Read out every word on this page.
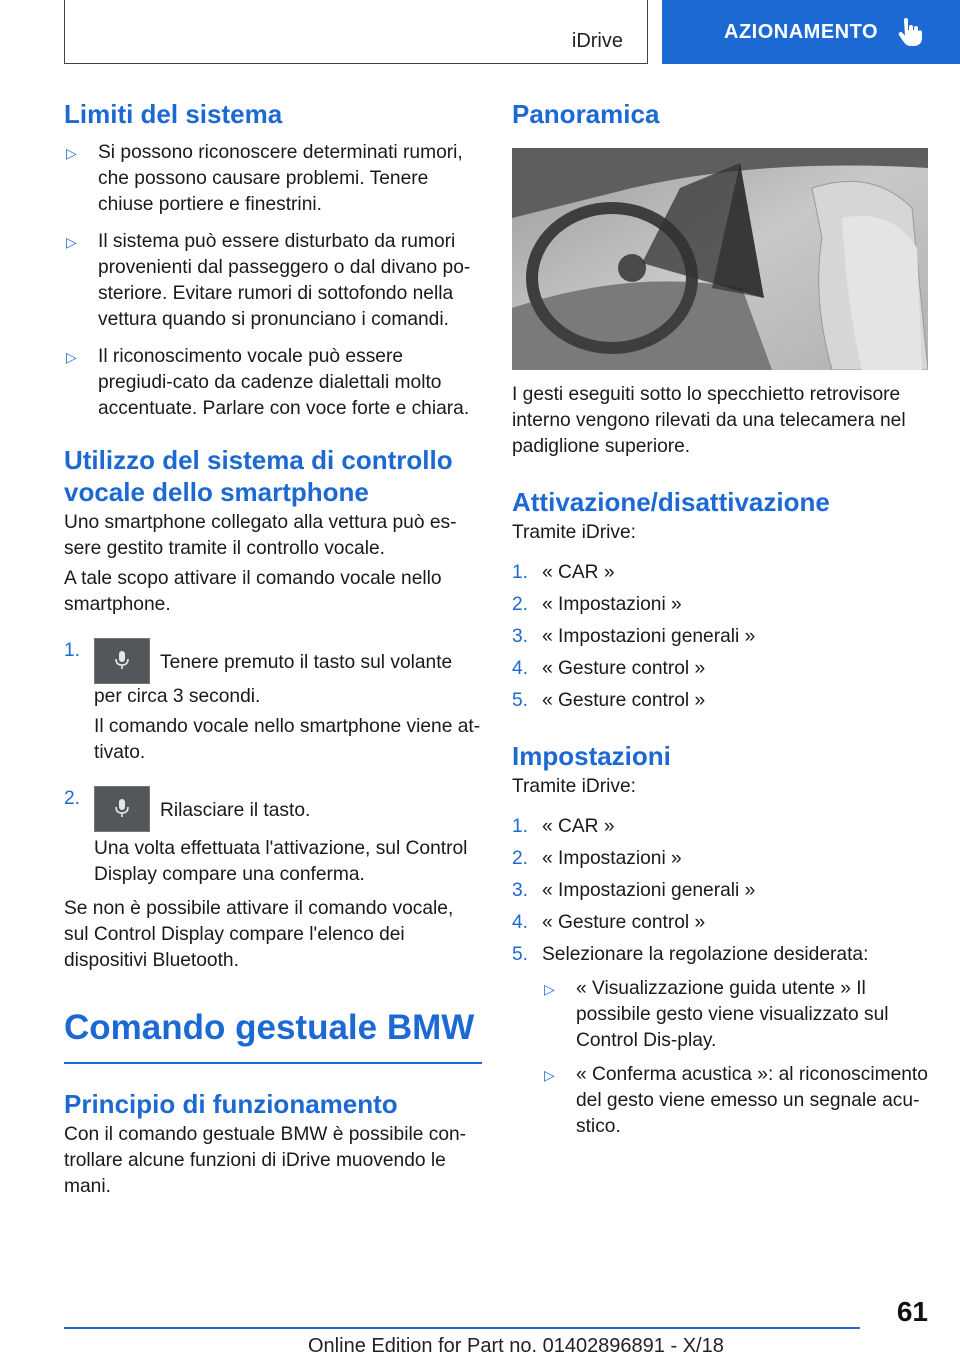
iDrive	AZIONAMENTO
Limiti del sistema
▷	Si possono riconoscere determinati rumori, che possono causare problemi. Tenere chiuse portiere e finestrini.
▷	Il sistema può essere disturbato da rumori provenienti dal passeggero o dal divano po-steriore. Evitare rumori di sottofondo nella vettura quando si pronunciano i comandi.
▷	Il riconoscimento vocale può essere pregiudi-cato da cadenze dialettali molto accentuate. Parlare con voce forte e chiara.
Utilizzo del sistema di controllo vocale dello smartphone

Uno smartphone collegato alla vettura può es-sere gestito tramite il controllo vocale.

A tale scopo attivare il comando vocale nello smartphone.

1.
Tenere premuto il tasto sul volante per circa 3 secondi.
Il comando vocale nello smartphone viene at-tivato.
2.
Rilasciare il tasto.
Una volta effettuata l'attivazione, sul Control Display compare una conferma.

Se non è possibile attivare il comando vocale, sul Control Display compare l'elenco dei dispositivi Bluetooth.

Comando gestuale BMW
Principio di funzionamento

Con il comando gestuale BMW è possibile con-trollare alcune funzioni di iDrive muovendo le mani.

Panoramica

I gesti eseguiti sotto lo specchietto retrovisore interno vengono rilevati da una telecamera nel padiglione superiore.

Attivazione/disattivazione

Tramite iDrive:

1. « CAR »
2. « Impostazioni »
3. « Impostazioni generali »
4. « Gesture control »
5. « Gesture control »
Impostazioni

Tramite iDrive:

1. « CAR »
2. « Impostazioni »
3. « Impostazioni generali »
4. « Gesture control »
5. Selezionare la regolazione desiderata:
▷	« Visualizzazione guida utente » Il possibile gesto viene visualizzato sul Control Dis-play.
▷	« Conferma acustica »: al riconoscimento del gesto viene emesso un segnale acu-stico.
61
Online Edition for Part no. 01402896891 - X/18
